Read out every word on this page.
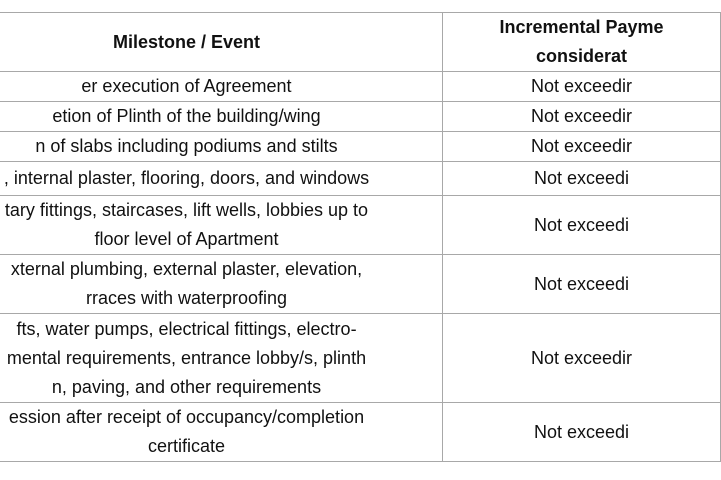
Milestone / Event	Incremental Payme
considerat

er execution of Agreement	Not exceedir

etion of Plinth of the building/wing	Not exceedir

n of slabs including podiums and stilts	Not exceedir

, internal plaster, flooring, doors, and windows	Not exceedi

tary fittings, staircases, lift wells, lobbies up to
floor level of Apartment	Not exceedi

xternal plumbing, external plaster, elevation,
rraces with waterproofing	Not exceedi

fts, water pumps, electrical fittings, electro-
mental requirements, entrance lobby/s, plinth
n, paving, and other requirements	Not exceedir

ession after receipt of occupancy/completion
certificate	Not exceedi
